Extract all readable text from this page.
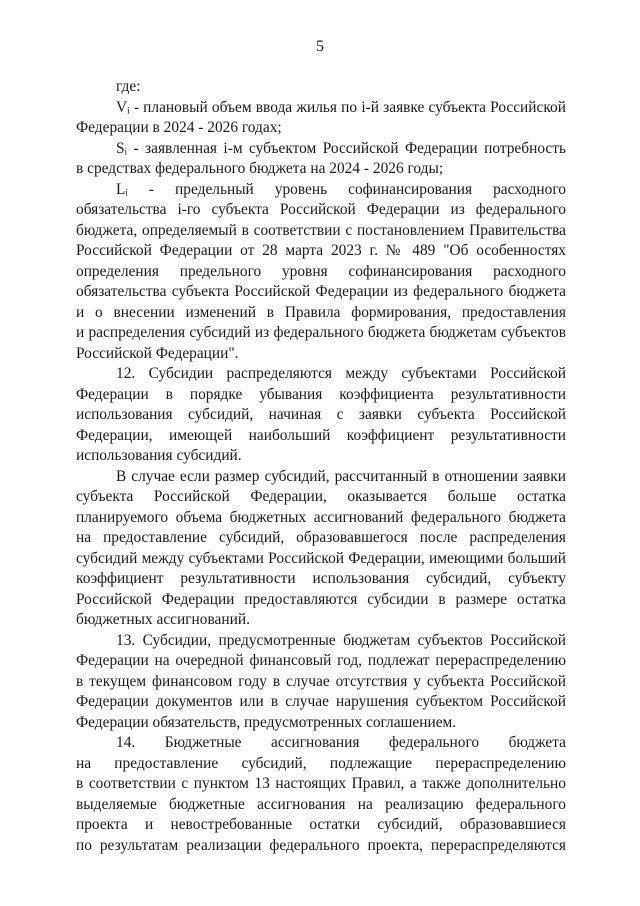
5
где:
Vᵢ - плановый объем ввода жилья по i-й заявке субъекта Российской
Федерации в 2024 - 2026 годах;
Sᵢ - заявленная i-м субъектом Российской Федерации потребность
в средствах федерального бюджета на 2024 - 2026 годы;
Lᵢ - предельный уровень софинансирования расходного
обязательства i-го субъекта Российской Федерации из федерального
бюджета, определяемый в соответствии с постановлением Правительства
Российской Федерации от 28 марта 2023 г. № 489 "Об особенностях
определения предельного уровня софинансирования расходного
обязательства субъекта Российской Федерации из федерального бюджета
и о внесении изменений в Правила формирования, предоставления
и распределения субсидий из федерального бюджета бюджетам субъектов
Российской Федерации".
12. Субсидии распределяются между субъектами Российской
Федерации в порядке убывания коэффициента результативности
использования субсидий, начиная с заявки субъекта Российской
Федерации, имеющей наибольший коэффициент результативности
использования субсидий.
В случае если размер субсидий, рассчитанный в отношении заявки
субъекта Российской Федерации, оказывается больше остатка
планируемого объема бюджетных ассигнований федерального бюджета
на предоставление субсидий, образовавшегося после распределения
субсидий между субъектами Российской Федерации, имеющими больший
коэффициент результативности использования субсидий, субъекту
Российской Федерации предоставляются субсидии в размере остатка
бюджетных ассигнований.
13. Субсидии, предусмотренные бюджетам субъектов Российской
Федерации на очередной финансовый год, подлежат перераспределению
в текущем финансовом году в случае отсутствия у субъекта Российской
Федерации документов или в случае нарушения субъектом Российской
Федерации обязательств, предусмотренных соглашением.
14. Бюджетные ассигнования федерального бюджета
на предоставление субсидий, подлежащие перераспределению
в соответствии с пунктом 13 настоящих Правил, а также дополнительно
выделяемые бюджетные ассигнования на реализацию федерального
проекта и невостребованные остатки субсидий, образовавшиеся
по результатам реализации федерального проекта, перераспределяются
